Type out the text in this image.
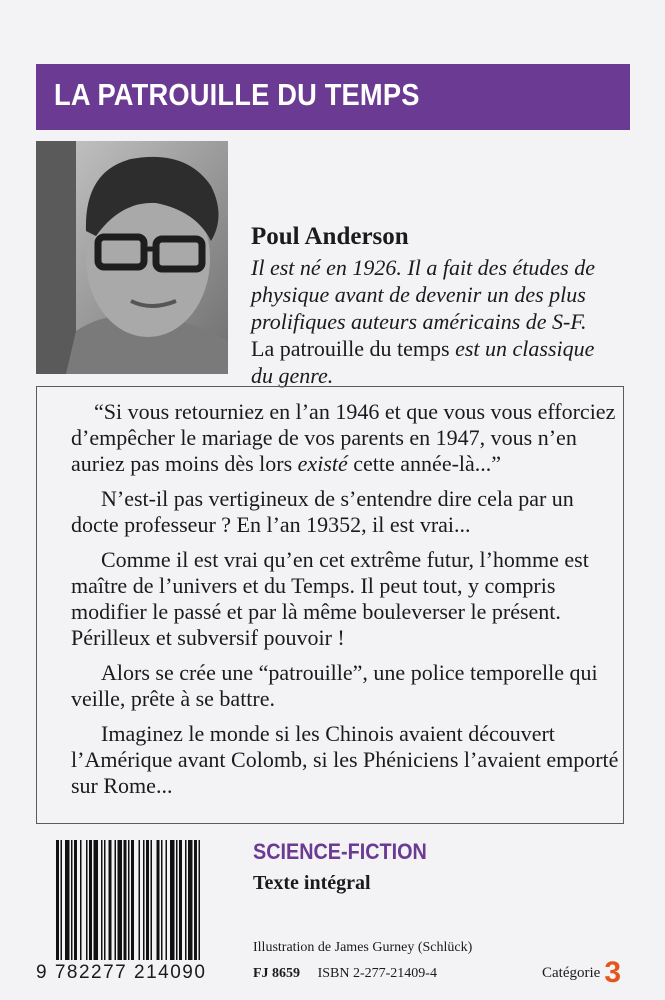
LA PATROUILLE DU TEMPS
Poul Anderson
Il est né en 1926. Il a fait des études de
physique avant de devenir un des plus
prolifiques auteurs américains de S-F.
La patrouille du temps est un classique
du genre.

“Si vous retourniez en l’an 1946 et que vous vous efforciez d’empêcher le mariage de vos parents en 1947, vous n’en auriez pas moins dès lors existé cette année-là...”

N’est-il pas vertigineux de s’entendre dire cela par un docte professeur ? En l’an 19352, il est vrai...

Comme il est vrai qu’en cet extrême futur, l’homme est maître de l’univers et du Temps. Il peut tout, y compris modifier le passé et par là même bouleverser le présent. Périlleux et subversif pouvoir !

Alors se crée une “patrouille”, une police temporelle qui veille, prête à se battre.

Imaginez le monde si les Chinois avaient découvert l’Amérique avant Colomb, si les Phéniciens l’avaient emporté sur Rome...

9 782277 214090
SCIENCE-FICTION
Texte intégral
Illustration de James Gurney (Schlück)
FJ 8659 ISBN 2-277-21409-4	Catégorie 3
